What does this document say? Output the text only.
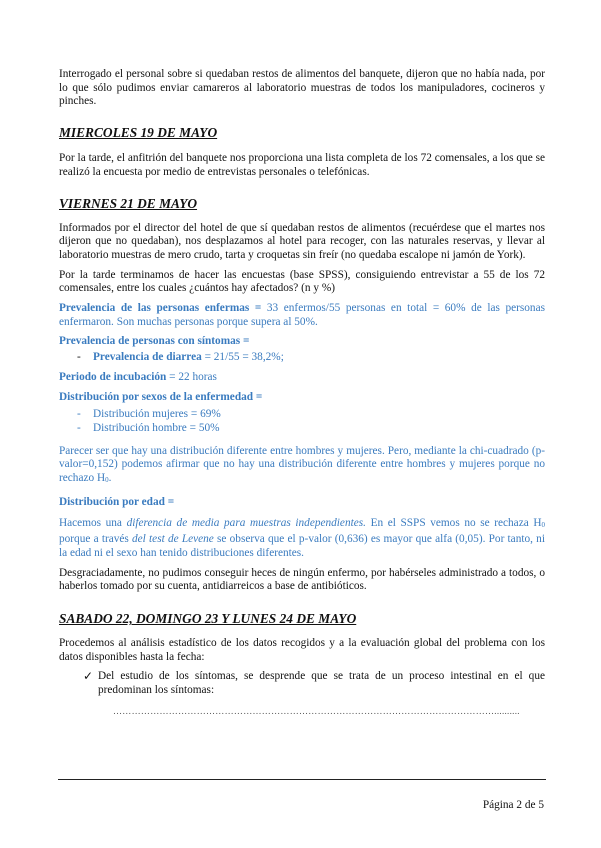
Interrogado el personal sobre si quedaban restos de alimentos del banquete, dijeron que no había nada, por lo que sólo pudimos enviar camareros al laboratorio muestras de todos los manipuladores, cocineros y pinches.

MIERCOLES 19 DE MAYO

Por la tarde, el anfitrión del banquete nos proporciona una lista completa de los 72 comensales, a los que se realizó la encuesta por medio de entrevistas personales o telefónicas.

VIERNES 21 DE MAYO

Informados por el director del hotel de que sí quedaban restos de alimentos (recuérdese que el martes nos dijeron que no quedaban), nos desplazamos al hotel para recoger, con las naturales reservas, y llevar al laboratorio muestras de mero crudo, tarta y croquetas sin freír (no quedaba escalope ni jamón de York).

Por la tarde terminamos de hacer las encuestas (base SPSS), consiguiendo entrevistar a 55 de los 72 comensales, entre los cuales ¿cuántos hay afectados? (n y %)

Prevalencia de las personas enfermas = 33 enfermos/55 personas en total = 60% de las personas enfermaron. Son muchas personas porque supera al 50%.

Prevalencia de personas con síntomas =

- Prevalencia de diarrea = 21/55 = 38,2%;

Periodo de incubación = 22 horas

Distribución por sexos de la enfermedad =

- Distribución mujeres = 69%
- Distribución hombre = 50%

Parecer ser que hay una distribución diferente entre hombres y mujeres. Pero, mediante la chi-cuadrado (p-valor=0,152) podemos afirmar que no hay una distribución diferente entre hombres y mujeres porque no rechazo $H_0$.

Distribución por edad =

Hacemos una diferencia de media para muestras independientes. En el SSPS vemos no se rechaza $H_0$ porque a través del test de Levene se observa que el p-valor (0,636) es mayor que alfa (0,05). Por tanto, ni la edad ni el sexo han tenido distribuciones diferentes.

Desgraciadamente, no pudimos conseguir heces de ningún enfermo, por habérseles administrado a todos, o haberlos tomado por su cuenta, antidiarreicos a base de antibióticos.

SABADO 22, DOMINGO 23 Y LUNES 24 DE MAYO

Procedemos al análisis estadístico de los datos recogidos y a la evaluación global del problema con los datos disponibles hasta la fecha:

✓ Del estudio de los síntomas, se desprende que se trata de un proceso intestinal en el que predominan los síntomas:

……………………………………………………………………………………………………………..........
Página 2 de 5
